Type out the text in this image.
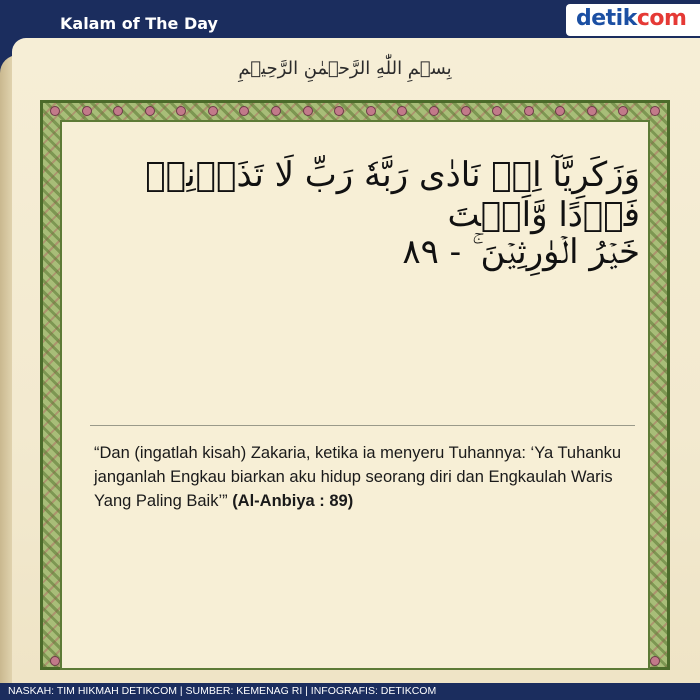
Kalam of The Day	detikcom
بِسۡمِ اللّٰهِ الرَّحۡمٰنِ الرَّحِيۡمِ
وَزَكَرِيَّآ اِذۡ نَادٰى رَبَّهٗ رَبِّ لَا تَذَرۡنِىۡ فَرۡدًا وَّاَنۡتَ
خَيۡرُ الۡوٰرِثِيۡنَ ۚ - ٨٩
“Dan (ingatlah kisah) Zakaria, ketika ia menyeru Tuhannya: ‘Ya Tuhanku janganlah Engkau biarkan aku hidup seorang diri dan Engkaulah Waris Yang Paling Baik’” (Al-Anbiya : 89)
NASKAH: TIM HIKMAH DETIKCOM | SUMBER: KEMENAG RI | INFOGRAFIS: DETIKCOM
